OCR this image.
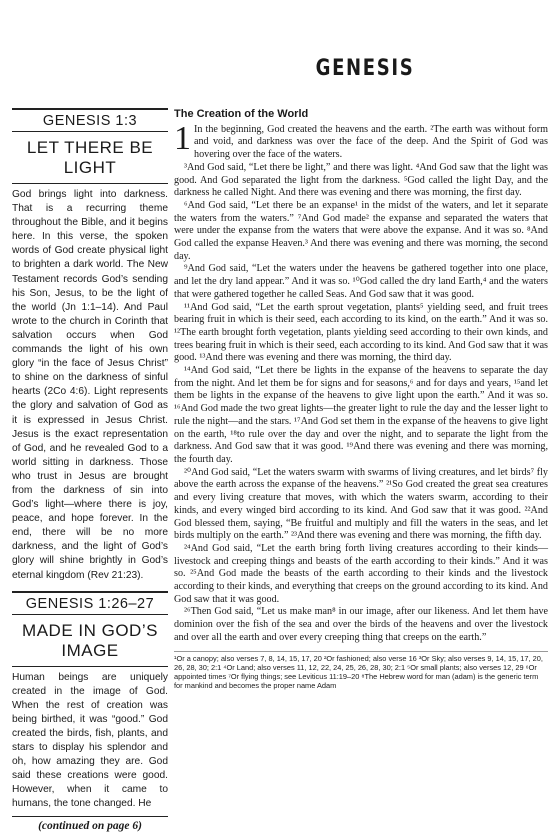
GENESIS
GENESIS 1:3
LET THERE BE LIGHT
God brings light into darkness. That is a recurring theme throughout the Bible, and it begins here. In this verse, the spoken words of God create physical light to brighten a dark world. The New Testament records God’s sending his Son, Jesus, to be the light of the world (Jn 1:1–14). And Paul wrote to the church in Corinth that salvation occurs when God commands the light of his own glory “in the face of Jesus Christ” to shine on the darkness of sinful hearts (2Co 4:6). Light represents the glory and salvation of God as it is expressed in Jesus Christ. Jesus is the exact representation of God, and he revealed God to a world sitting in darkness. Those who trust in Jesus are brought from the darkness of sin into God’s light—where there is joy, peace, and hope forever. In the end, there will be no more darkness, and the light of God’s glory will shine brightly in God’s eternal kingdom (Rev 21:23).
GENESIS 1:26–27
MADE IN GOD’S IMAGE
Human beings are uniquely created in the image of God. When the rest of creation was being birthed, it was “good.” God created the birds, fish, plants, and stars to display his splendor and oh, how amazing they are. God said these creations were good. However, when it came to humans, the tone changed. He
(continued on page 6)
The Creation of the World

1 In the beginning, God created the heavens and the earth. ²The earth was without form and void, and darkness was over the face of the deep. And the Spirit of God was hovering over the face of the waters.

³And God said, “Let there be light,” and there was light. ⁴And God saw that the light was good. And God separated the light from the darkness. ⁵God called the light Day, and the darkness he called Night. And there was evening and there was morning, the first day.

⁶And God said, “Let there be an expanse¹ in the midst of the waters, and let it separate the waters from the waters.” ⁷And God made² the expanse and separated the waters that were under the expanse from the waters that were above the expanse. And it was so. ⁸And God called the expanse Heaven.³ And there was evening and there was morning, the second day.

⁹And God said, “Let the waters under the heavens be gathered together into one place, and let the dry land appear.” And it was so. ¹⁰God called the dry land Earth,⁴ and the waters that were gathered together he called Seas. And God saw that it was good.

¹¹And God said, “Let the earth sprout vegetation, plants⁵ yielding seed, and fruit trees bearing fruit in which is their seed, each according to its kind, on the earth.” And it was so. ¹²The earth brought forth vegetation, plants yielding seed according to their own kinds, and trees bearing fruit in which is their seed, each according to its kind. And God saw that it was good. ¹³And there was evening and there was morning, the third day.

¹⁴And God said, “Let there be lights in the expanse of the heavens to separate the day from the night. And let them be for signs and for seasons,⁶ and for days and years, ¹⁵and let them be lights in the expanse of the heavens to give light upon the earth.” And it was so. ¹⁶And God made the two great lights—the greater light to rule the day and the lesser light to rule the night—and the stars. ¹⁷And God set them in the expanse of the heavens to give light on the earth, ¹⁸to rule over the day and over the night, and to separate the light from the darkness. And God saw that it was good. ¹⁹And there was evening and there was morning, the fourth day.

²⁰And God said, “Let the waters swarm with swarms of living creatures, and let birds⁷ fly above the earth across the expanse of the heavens.” ²¹So God created the great sea creatures and every living creature that moves, with which the waters swarm, according to their kinds, and every winged bird according to its kind. And God saw that it was good. ²²And God blessed them, saying, “Be fruitful and multiply and fill the waters in the seas, and let birds multiply on the earth.” ²³And there was evening and there was morning, the fifth day.

²⁴And God said, “Let the earth bring forth living creatures according to their kinds—livestock and creeping things and beasts of the earth according to their kinds.” And it was so. ²⁵And God made the beasts of the earth according to their kinds and the livestock according to their kinds, and everything that creeps on the ground according to its kind. And God saw that it was good.

²⁶Then God said, “Let us make man⁸ in our image, after our likeness. And let them have dominion over the fish of the sea and over the birds of the heavens and over the livestock and over all the earth and over every creeping thing that creeps on the earth.”

¹Or a canopy; also verses 7, 8, 14, 15, 17, 20 ²Or fashioned; also verse 16 ³Or Sky; also verses 9, 14, 15, 17, 20, 26, 28, 30; 2:1 ⁴Or Land; also verses 11, 12, 22, 24, 25, 26, 28, 30; 2:1 ⁵Or small plants; also verses 12, 29 ⁶Or appointed times ⁷Or flying things; see Leviticus 11:19–20 ⁸The Hebrew word for man (adam) is the generic term for mankind and becomes the proper name Adam
